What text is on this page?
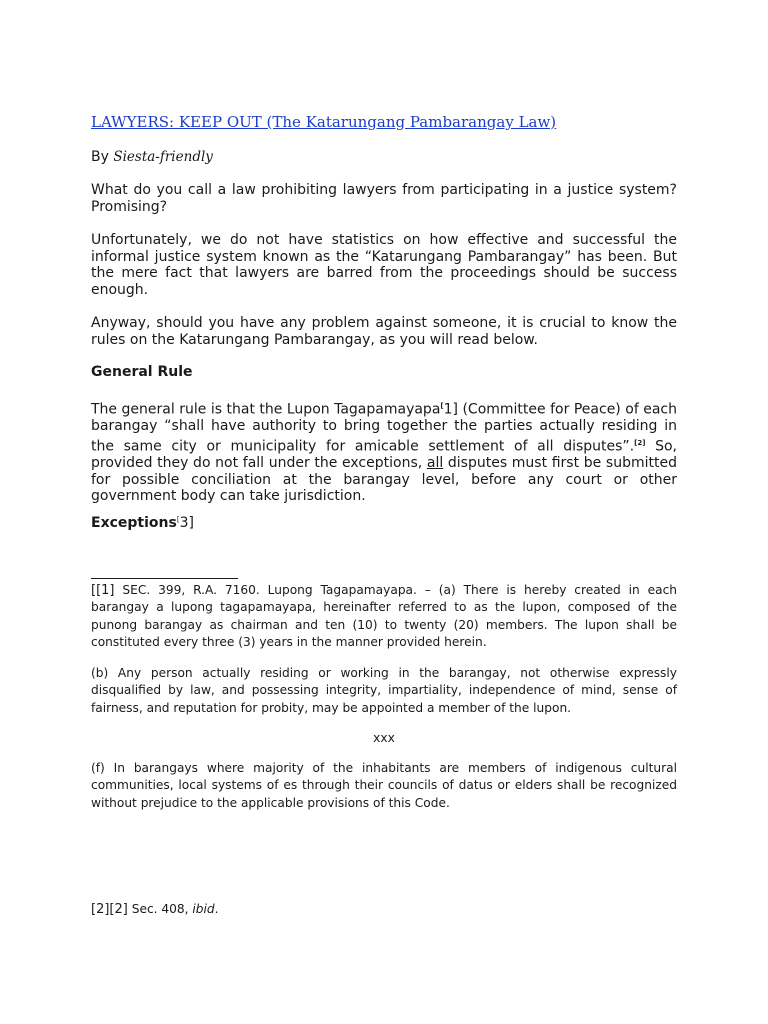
LAWYERS: KEEP OUT (The Katarungang Pambarangay Law)
By Siesta-friendly

What do you call a law prohibiting lawyers from participating in a justice system? Promising?

Unfortunately, we do not have statistics on how effective and successful the informal justice system known as the “Katarungang Pambarangay” has been. But the mere fact that lawyers are barred from the proceedings should be success enough.

Anyway, should you have any problem against someone, it is crucial to know the rules on the Katarungang Pambarangay, as you will read below.

General Rule

The general rule is that the Lupon Tagapamayapa[1] (Committee for Peace) of each barangay “shall have authority to bring together the parties actually residing in the same city or municipality for amicable settlement of all disputes”.[2] So, provided they do not fall under the exceptions, all disputes must first be submitted for possible conciliation at the barangay level, before any court or other government body can take jurisdiction.

Exceptions[3]

[[1] SEC. 399, R.A. 7160. Lupong Tagapamayapa. – (a) There is hereby created in each barangay a lupong tagapamayapa, hereinafter referred to as the lupon, composed of the punong barangay as chairman and ten (10) to twenty (20) members. The lupon shall be constituted every three (3) years in the manner provided herein.

(b) Any person actually residing or working in the barangay, not otherwise expressly disqualified by law, and possessing integrity, impartiality, independence of mind, sense of fairness, and reputation for probity, may be appointed a member of the lupon.

xxx

(f) In barangays where majority of the inhabitants are members of indigenous cultural communities, local systems of es through their councils of datus or elders shall be recognized without prejudice to the applicable provisions of this Code.

[2][2] Sec. 408, ibid.
